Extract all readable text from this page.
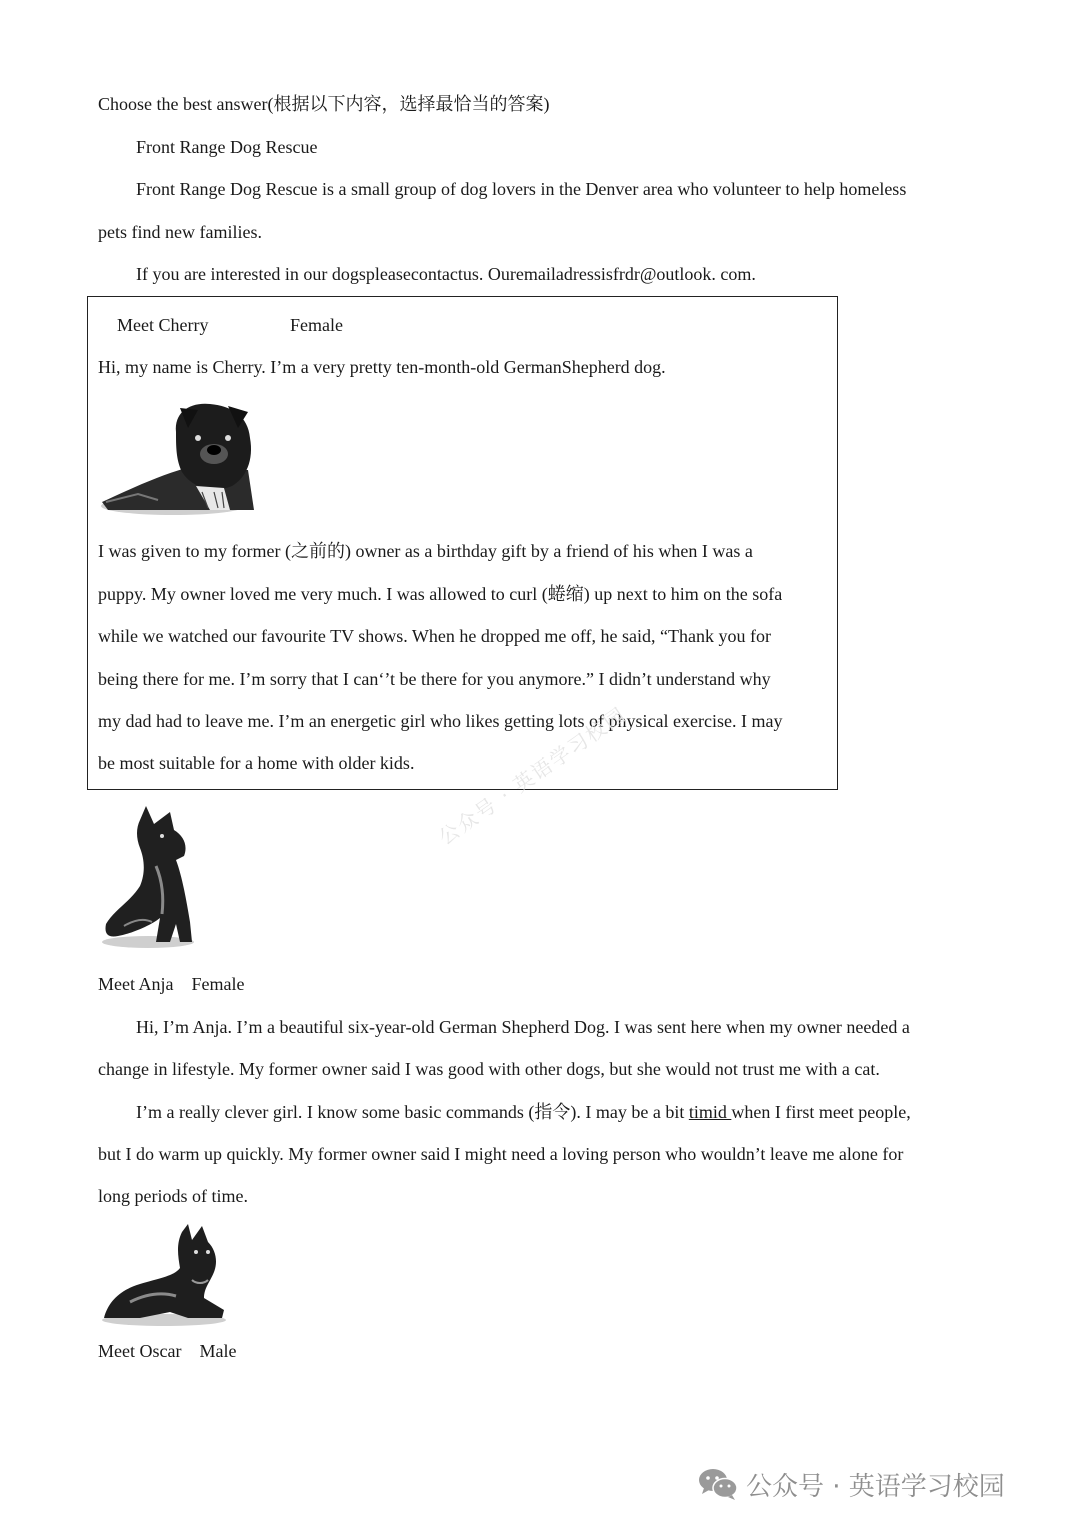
Choose the best answer(根据以下内容，选择最恰当的答案)
Front Range Dog Rescue
Front Range Dog Rescue is a small group of dog lovers in the Denver area who volunteer to help homeless
pets find new families.
If you are interested in our dogspleasecontactus. Ouremailadressisfrdr@outlook. com.
Meet Cherry	Female
Hi, my name is Cherry. I’m a very pretty ten-month-old GermanShepherd dog.
I was given to my former (之前的) owner as a birthday gift by a friend of his when I was a
puppy. My owner loved me very much. I was allowed to curl (蜷缩) up next to him on the sofa
while we watched our favourite TV shows. When he dropped me off, he said, “Thank you for
being there for me. I’m sorry that I can‘’t be there for you anymore.” I didn’t understand why
my dad had to leave me. I’m an energetic girl who likes getting lots of physical exercise. I may
be most suitable for a home with older kids. 公众号 · 英语学习校园
Meet Anja    Female
Hi, I’m Anja. I’m a beautiful six-year-old German Shepherd Dog. I was sent here when my owner needed a
change in lifestyle. My former owner said I was good with other dogs, but she would not trust me with a cat.
I’m a really clever girl. I know some basic commands (指令). I may be a bit timid when I first meet people,
but I do warm up quickly. My former owner said I might need a loving person who wouldn’t leave me alone for
long periods of time.
Meet Oscar    Male
公众号 · 英语学习校园
